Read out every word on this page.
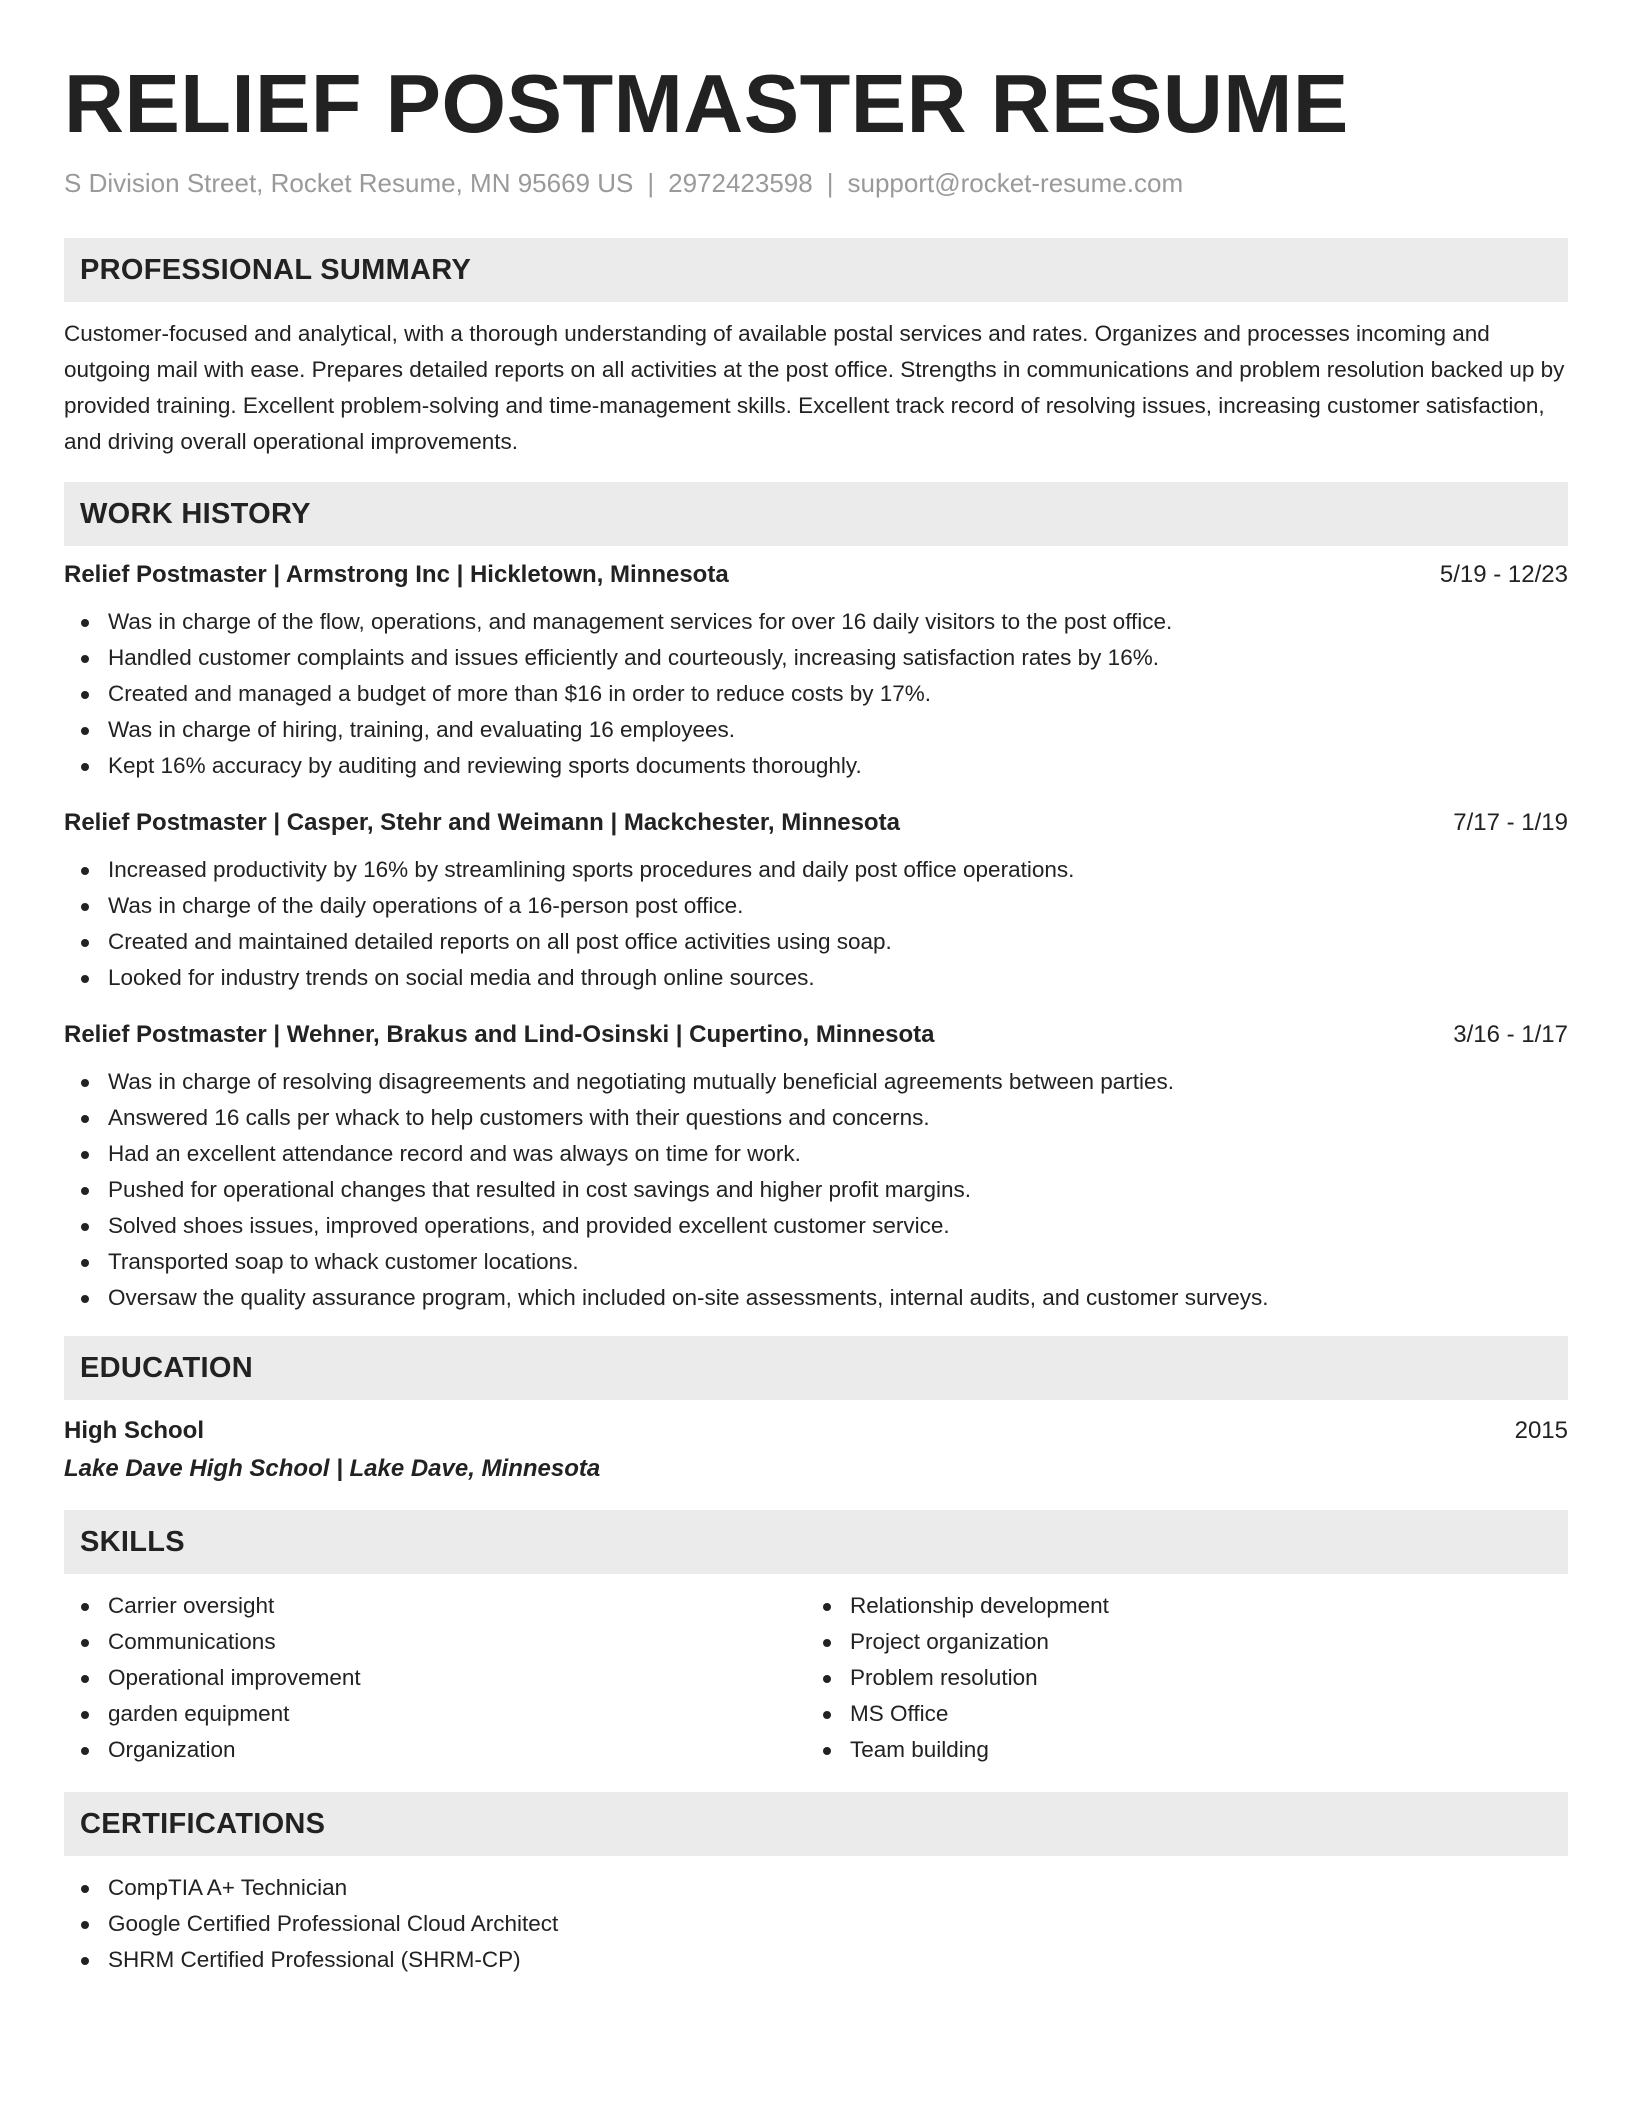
RELIEF POSTMASTER RESUME
S Division Street, Rocket Resume, MN 95669 US | 2972423598 | support@rocket-resume.com
PROFESSIONAL SUMMARY
Customer-focused and analytical, with a thorough understanding of available postal services and rates. Organizes and processes incoming and outgoing mail with ease. Prepares detailed reports on all activities at the post office. Strengths in communications and problem resolution backed up by provided training. Excellent problem-solving and time-management skills. Excellent track record of resolving issues, increasing customer satisfaction, and driving overall operational improvements.
WORK HISTORY
Relief Postmaster | Armstrong Inc | Hickletown, Minnesota	5/19 - 12/23
Was in charge of the flow, operations, and management services for over 16 daily visitors to the post office.
Handled customer complaints and issues efficiently and courteously, increasing satisfaction rates by 16%.
Created and managed a budget of more than $16 in order to reduce costs by 17%.
Was in charge of hiring, training, and evaluating 16 employees.
Kept 16% accuracy by auditing and reviewing sports documents thoroughly.
Relief Postmaster | Casper, Stehr and Weimann | Mackchester, Minnesota	7/17 - 1/19
Increased productivity by 16% by streamlining sports procedures and daily post office operations.
Was in charge of the daily operations of a 16-person post office.
Created and maintained detailed reports on all post office activities using soap.
Looked for industry trends on social media and through online sources.
Relief Postmaster | Wehner, Brakus and Lind-Osinski | Cupertino, Minnesota	3/16 - 1/17
Was in charge of resolving disagreements and negotiating mutually beneficial agreements between parties.
Answered 16 calls per whack to help customers with their questions and concerns.
Had an excellent attendance record and was always on time for work.
Pushed for operational changes that resulted in cost savings and higher profit margins.
Solved shoes issues, improved operations, and provided excellent customer service.
Transported soap to whack customer locations.
Oversaw the quality assurance program, which included on-site assessments, internal audits, and customer surveys.
EDUCATION
High School	2015
Lake Dave High School | Lake Dave, Minnesota
SKILLS
Carrier oversight
Communications
Operational improvement
garden equipment
Organization
Relationship development
Project organization
Problem resolution
MS Office
Team building
CERTIFICATIONS
CompTIA A+ Technician
Google Certified Professional Cloud Architect
SHRM Certified Professional (SHRM-CP)
